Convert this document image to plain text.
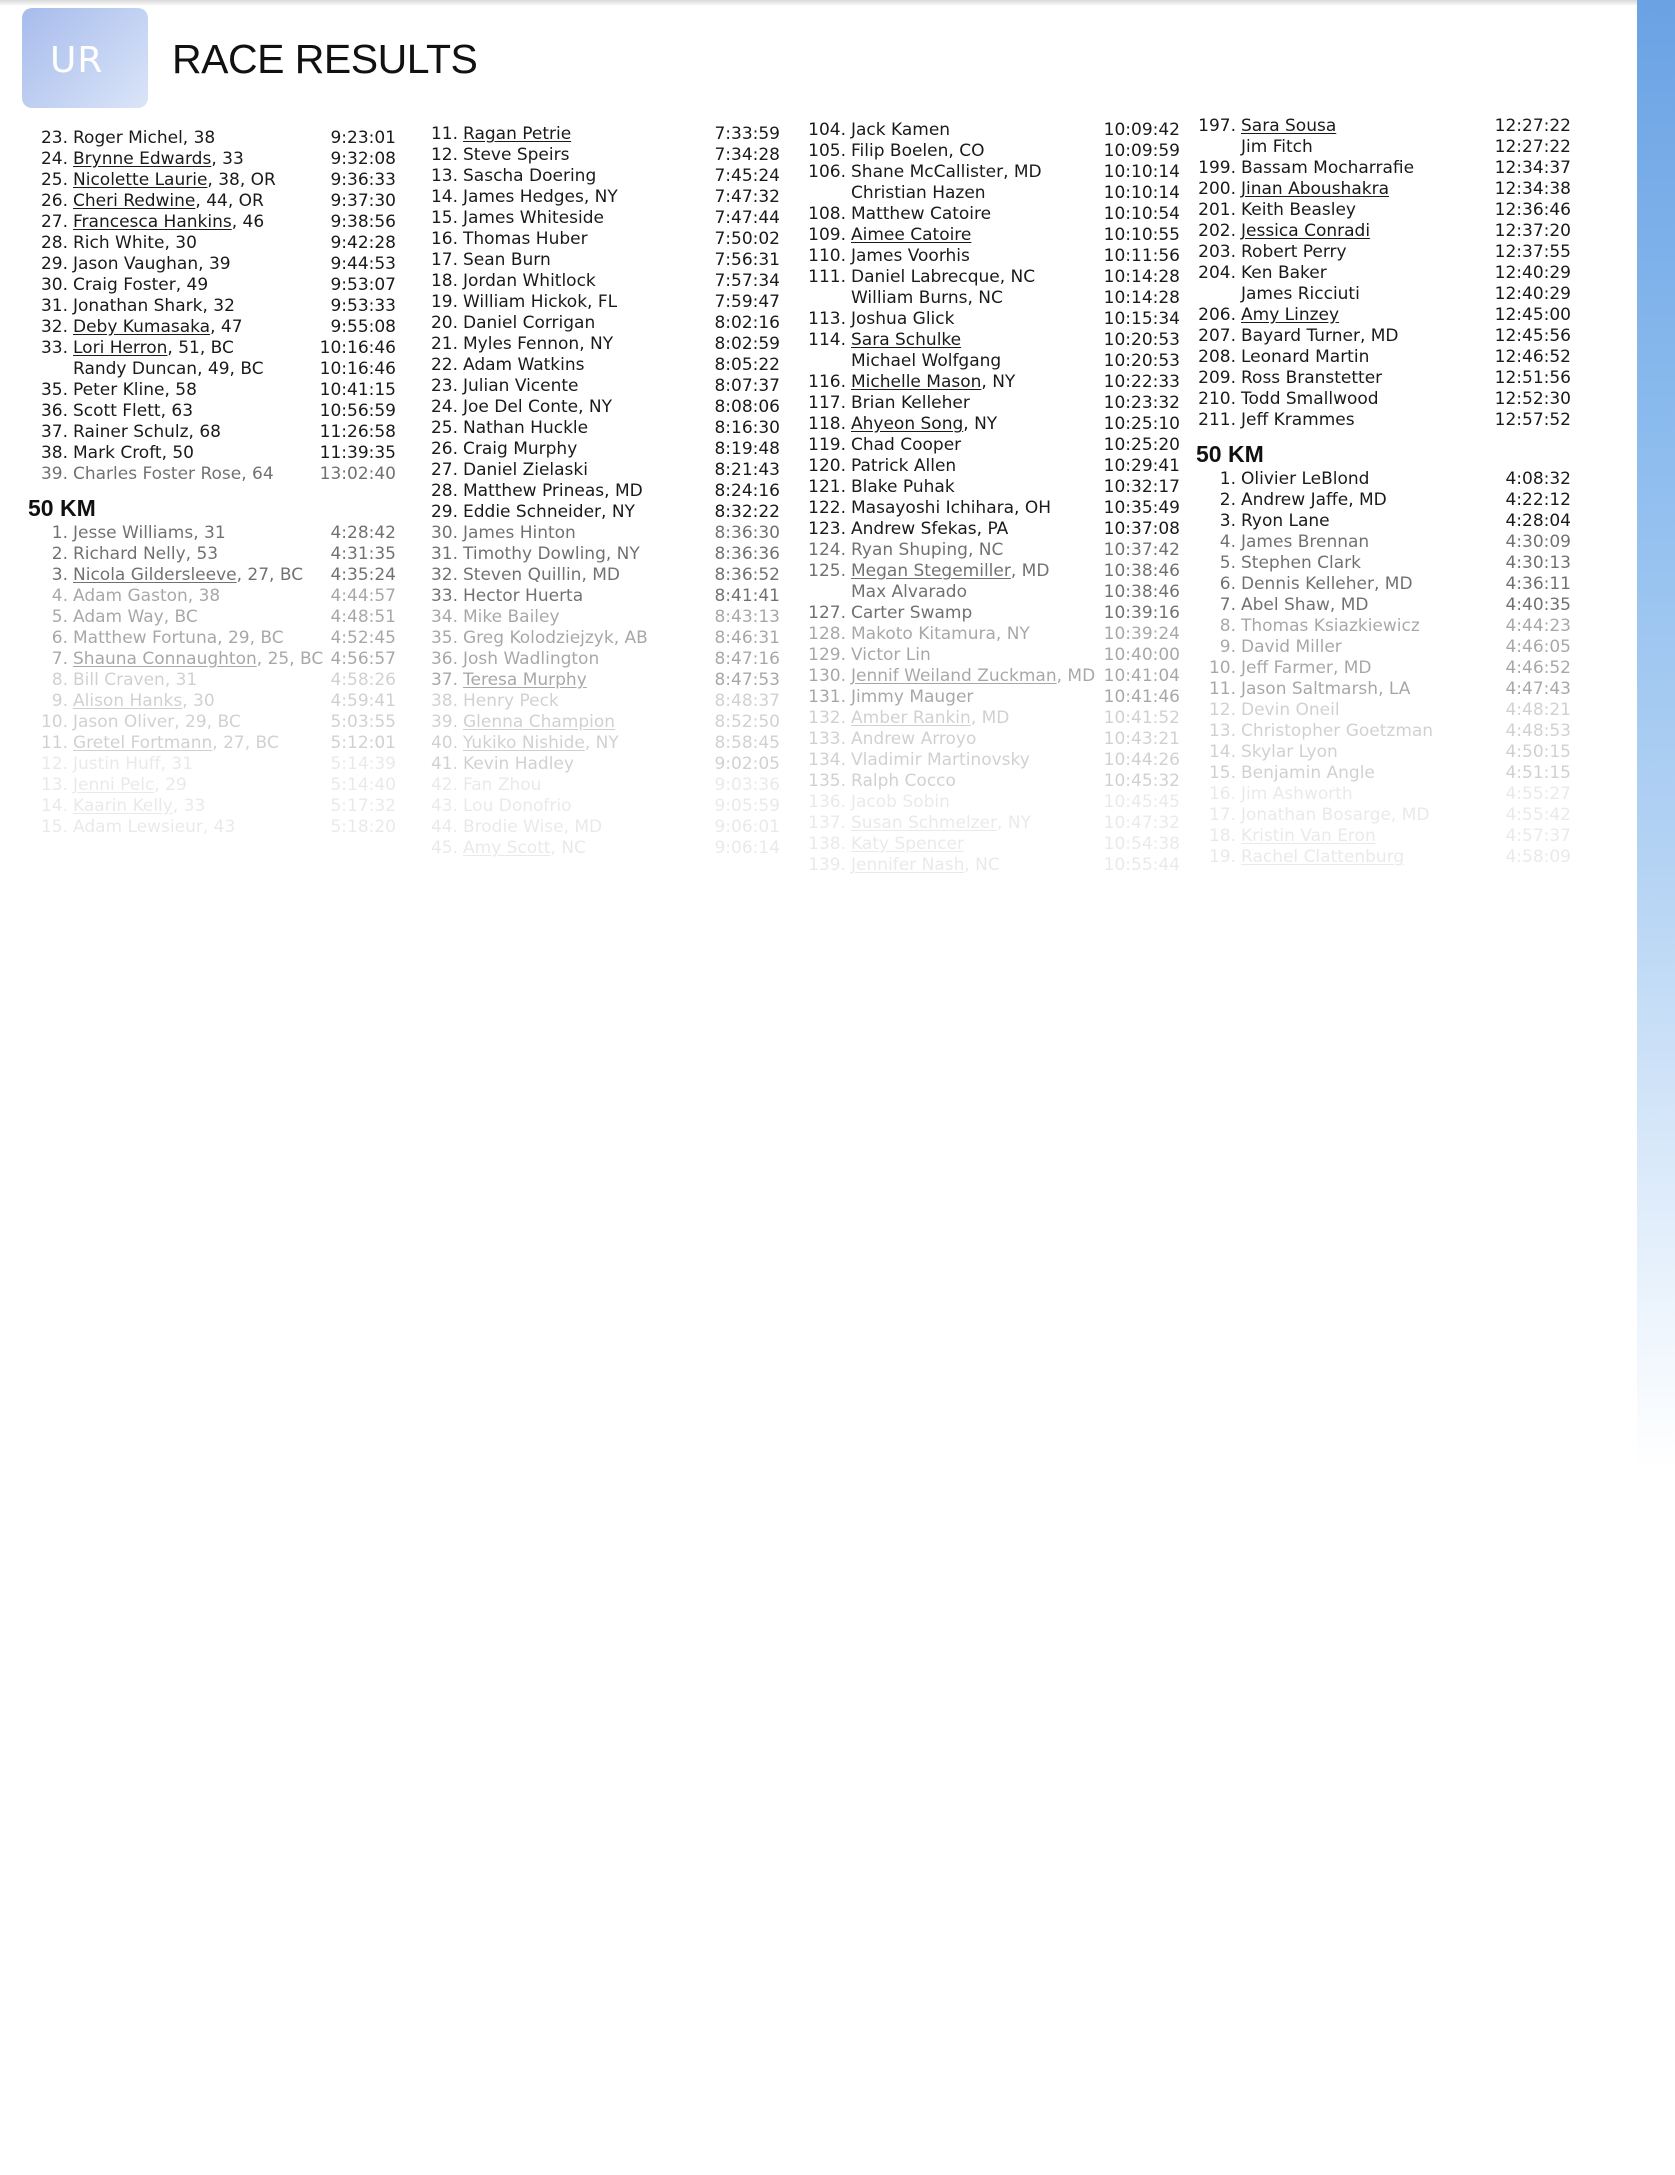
UR RACE RESULTS
23. Roger Michel, 38	9:23:01
24. Brynne Edwards, 33	9:32:08
25. Nicolette Laurie, 38, OR	9:36:33
26. Cheri Redwine, 44, OR	9:37:30
27. Francesca Hankins, 46	9:38:56
28. Rich White, 30	9:42:28
29. Jason Vaughan, 39	9:44:53
30. Craig Foster, 49	9:53:07
31. Jonathan Shark, 32	9:53:33
32. Deby Kumasaka, 47	9:55:08
33. Lori Herron, 51, BC	10:16:46
Randy Duncan, 49, BC	10:16:46
35. Peter Kline, 58	10:41:15
36. Scott Flett, 63	10:56:59
37. Rainer Schulz, 68	11:26:58
38. Mark Croft, 50	11:39:35
39. Charles Foster Rose, 64	13:02:40
50 KM
1. Jesse Williams, 31	4:28:42
2. Richard Nelly, 53	4:31:35
3. Nicola Gildersleeve, 27, BC 4:35:24
4. Adam Gaston, 38	4:44:57
5. Adam Way, BC	4:48:51
6. Matthew Fortuna, 29, BC	4:52:45
7. Shauna Connaughton, 25, BC 4:56:57
8. Bill Craven, 31	4:58:26
9. Alison Hanks, 30	4:59:41
10. Jason Oliver, 29, BC	5:03:55
11. Gretel Fortmann, 27, BC	5:12:01
12. Justin Huff, 31	5:14:39
13. Jenni Pelc, 29	5:14:40
14. Kaarin Kelly, 33	5:17:32
15. Adam Lewsieur, 43	5:18:20
11. Ragan Petrie	7:33:59
12. Steve Speirs	7:34:28
13. Sascha Doering	7:45:24
14. James Hedges, NY	7:47:32
15. James Whiteside	7:47:44
16. Thomas Huber	7:50:02
17. Sean Burn	7:56:31
18. Jordan Whitlock	7:57:34
19. William Hickok, FL	7:59:47
20. Daniel Corrigan	8:02:16
21. Myles Fennon, NY	8:02:59
22. Adam Watkins	8:05:22
23. Julian Vicente	8:07:37
24. Joe Del Conte, NY	8:08:06
25. Nathan Huckle	8:16:30
26. Craig Murphy	8:19:48
27. Daniel Zielaski	8:21:43
28. Matthew Prineas, MD	8:24:16
29. Eddie Schneider, NY	8:32:22
30. James Hinton	8:36:30
31. Timothy Dowling, NY	8:36:36
32. Steven Quillin, MD	8:36:52
33. Hector Huerta	8:41:41
34. Mike Bailey	8:43:13
35. Greg Kolodziejzyk, AB	8:46:31
36. Josh Wadlington	8:47:16
37. Teresa Murphy	8:47:53
38. Henry Peck	8:48:37
39. Glenna Champion	8:52:50
40. Yukiko Nishide, NY	8:58:45
41. Kevin Hadley	9:02:05
42. Fan Zhou	9:03:36
43. Lou Donofrio	9:05:59
44. Brodie Wise, MD	9:06:01
45. Amy Scott, NC	9:06:14
104. Jack Kamen	10:09:42
105. Filip Boelen, CO	10:09:59
106. Shane McCallister, MD	10:10:14
Christian Hazen	10:10:14
108. Matthew Catoire	10:10:54
109. Aimee Catoire	10:10:55
110. James Voorhis	10:11:56
111. Daniel Labrecque, NC	10:14:28
William Burns, NC	10:14:28
113. Joshua Glick	10:15:34
114. Sara Schulke	10:20:53
Michael Wolfgang	10:20:53
116. Michelle Mason, NY	10:22:33
117. Brian Kelleher	10:23:32
118. Ahyeon Song, NY	10:25:10
119. Chad Cooper	10:25:20
120. Patrick Allen	10:29:41
121. Blake Puhak	10:32:17
122. Masayoshi Ichihara, OH	10:35:49
123. Andrew Sfekas, PA	10:37:08
124. Ryan Shuping, NC	10:37:42
125. Megan Stegemiller, MD	10:38:46
Max Alvarado	10:38:46
127. Carter Swamp	10:39:16
128. Makoto Kitamura, NY	10:39:24
129. Victor Lin	10:40:00
130. Jennif Weiland Zuckman, MD 10:41:04
131. Jimmy Mauger	10:41:46
132. Amber Rankin, MD	10:41:52
133. Andrew Arroyo	10:43:21
134. Vladimir Martinovsky	10:44:26
135. Ralph Cocco	10:45:32
136. Jacob Sobin	10:45:45
137. Susan Schmelzer, NY	10:47:32
138. Katy Spencer	10:54:38
139. Jennifer Nash, NC	10:55:44
197. Sara Sousa	12:27:22
Jim Fitch	12:27:22
199. Bassam Mocharrafie	12:34:37
200. Jinan Aboushakra	12:34:38
201. Keith Beasley	12:36:46
202. Jessica Conradi	12:37:20
203. Robert Perry	12:37:55
204. Ken Baker	12:40:29
James Ricciuti	12:40:29
206. Amy Linzey	12:45:00
207. Bayard Turner, MD	12:45:56
208. Leonard Martin	12:46:52
209. Ross Branstetter	12:51:56
210. Todd Smallwood	12:52:30
211. Jeff Krammes	12:57:52
50 KM
1. Olivier LeBlond	4:08:32
2. Andrew Jaffe, MD	4:22:12
3. Ryon Lane	4:28:04
4. James Brennan	4:30:09
5. Stephen Clark	4:30:13
6. Dennis Kelleher, MD	4:36:11
7. Abel Shaw, MD	4:40:35
8. Thomas Ksiazkiewicz	4:44:23
9. David Miller	4:46:05
10. Jeff Farmer, MD	4:46:52
11. Jason Saltmarsh, LA	4:47:43
12. Devin Oneil	4:48:21
13. Christopher Goetzman	4:48:53
14. Skylar Lyon	4:50:15
15. Benjamin Angle	4:51:15
16. Jim Ashworth	4:55:27
17. Jonathan Bosarge, MD	4:55:42
18. Kristin Van Eron	4:57:37
19. Rachel Clattenburg	4:58:09
